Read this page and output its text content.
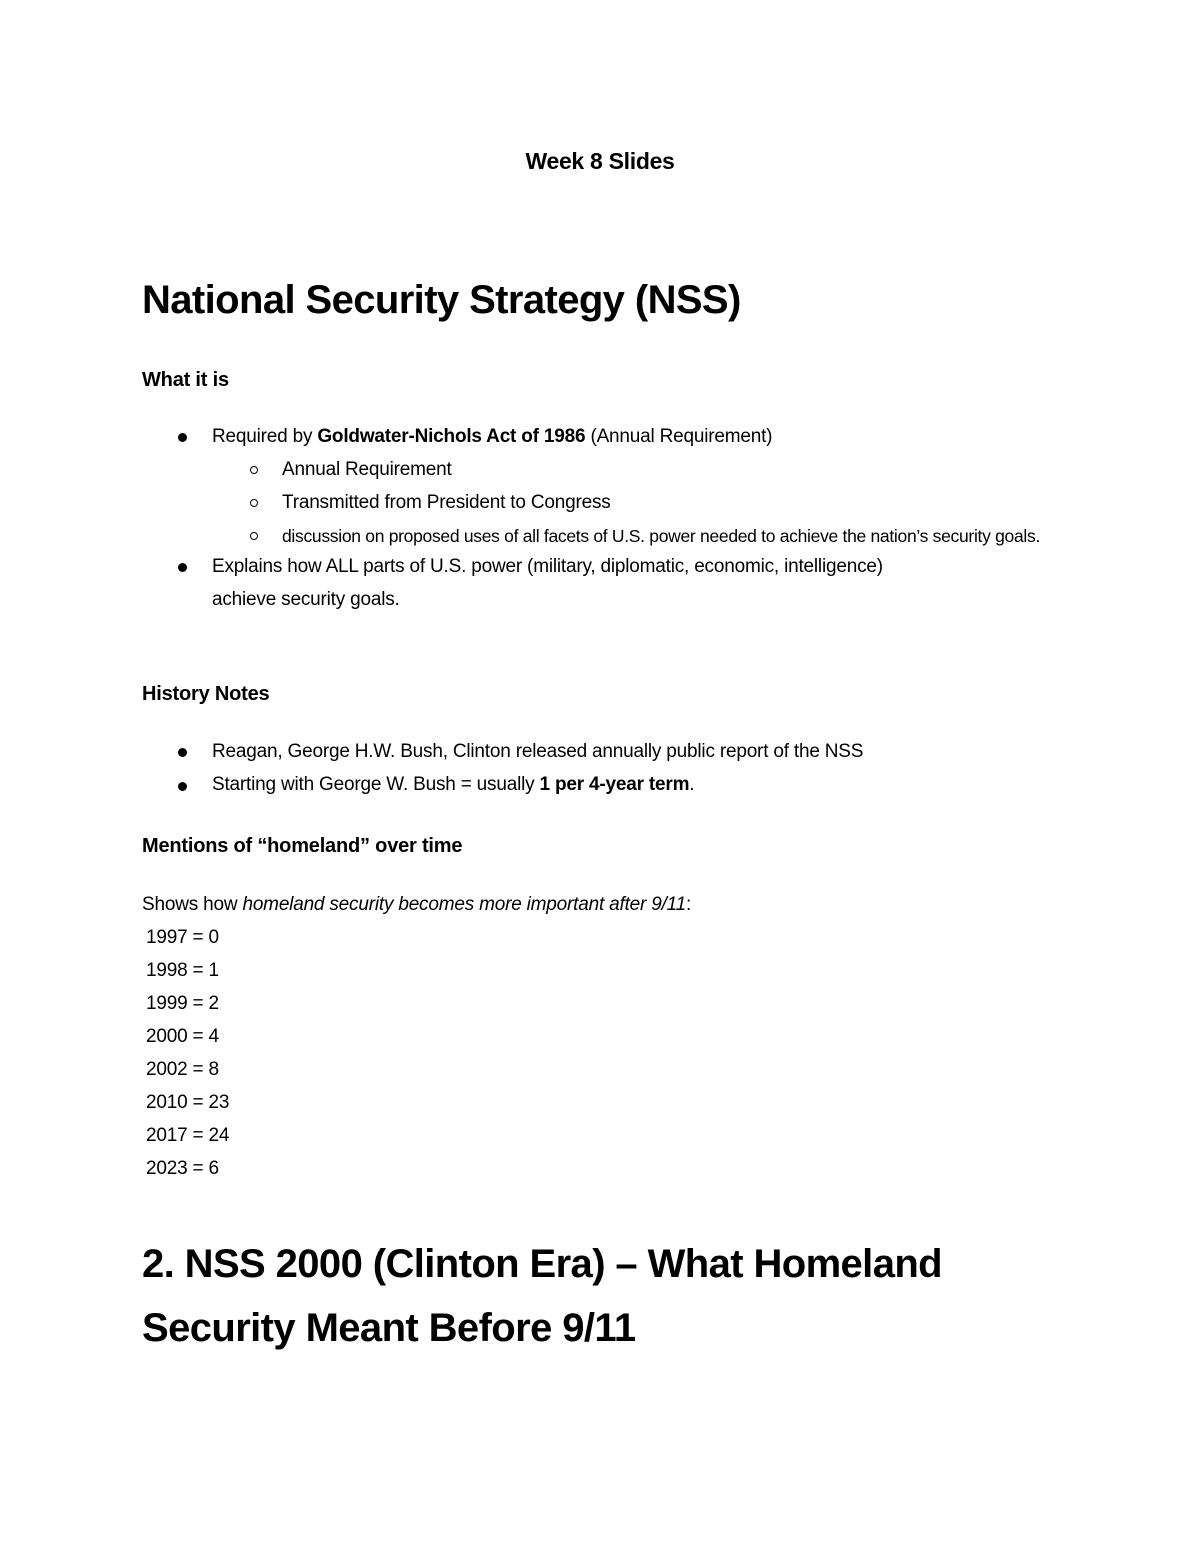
Week 8 Slides
National Security Strategy (NSS)
What it is
Required by Goldwater-Nichols Act of 1986 (Annual Requirement)
Annual Requirement
Transmitted from President to Congress
discussion on proposed uses of all facets of U.S. power needed to achieve the nation’s security goals.
Explains how ALL parts of U.S. power (military, diplomatic, economic, intelligence)
achieve security goals.
History Notes
Reagan, George H.W. Bush, Clinton released annually public report of the NSS
Starting with George W. Bush = usually 1 per 4-year term.
Mentions of “homeland” over time
Shows how homeland security becomes more important after 9/11:
1997 = 0
1998 = 1
1999 = 2
2000 = 4
2002 = 8
2010 = 23
2017 = 24
2023 = 6
2. NSS 2000 (Clinton Era) – What Homeland
Security Meant Before 9/11
